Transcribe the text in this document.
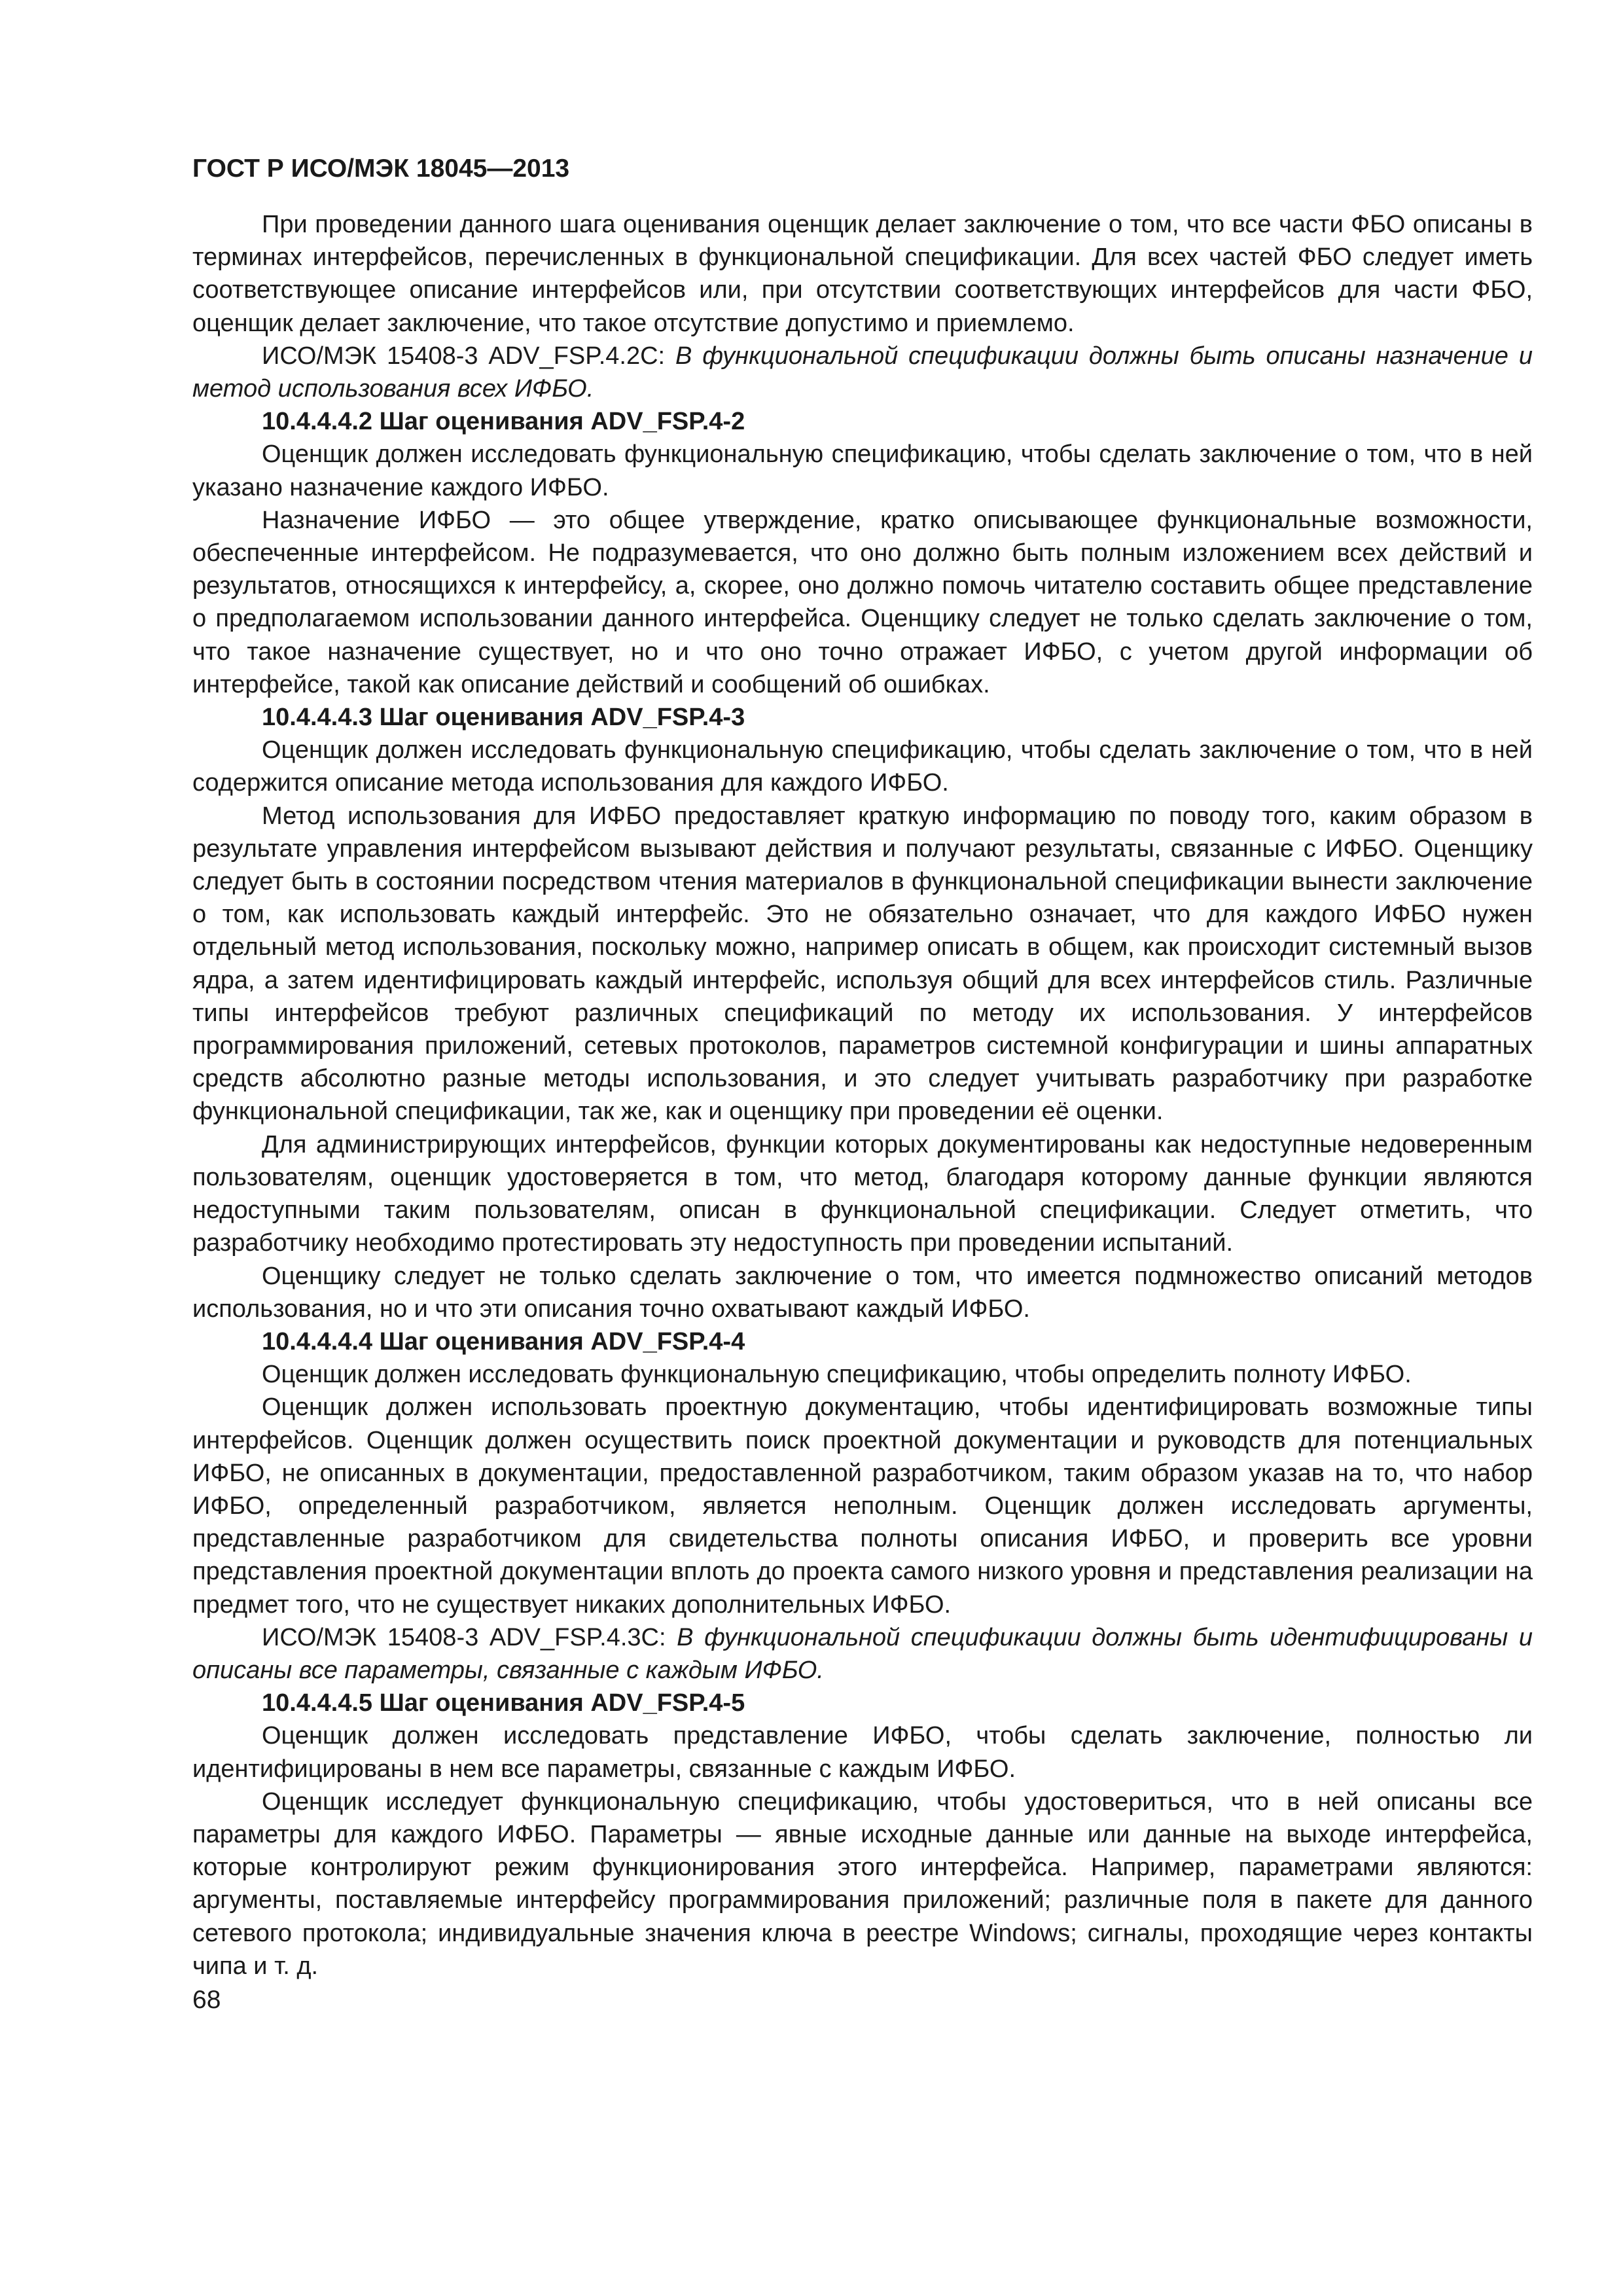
ГОСТ Р ИСО/МЭК 18045—2013

При проведении данного шага оценивания оценщик делает заключение о том, что все части ФБО описаны в терминах интерфейсов, перечисленных в функциональной спецификации. Для всех частей ФБО следует иметь соответствующее описание интерфейсов или, при отсутствии соответствующих интерфейсов для части ФБО, оценщик делает заключение, что такое отсутствие допустимо и приемлемо.

ИСО/МЭК 15408-3 ADV_FSP.4.2C: В функциональной спецификации должны быть описаны назначение и метод использования всех ИФБО.

10.4.4.4.2 Шаг оценивания ADV_FSP.4-2

Оценщик должен исследовать функциональную спецификацию, чтобы сделать заключение о том, что в ней указано назначение каждого ИФБО.

Назначение ИФБО — это общее утверждение, кратко описывающее функциональные возможности, обеспеченные интерфейсом. Не подразумевается, что оно должно быть полным изложением всех действий и результатов, относящихся к интерфейсу, а, скорее, оно должно помочь читателю составить общее представление о предполагаемом использовании данного интерфейса. Оценщику следует не только сделать заключение о том, что такое назначение существует, но и что оно точно отражает ИФБО, с учетом другой информации об интерфейсе, такой как описание действий и сообщений об ошибках.

10.4.4.4.3 Шаг оценивания ADV_FSP.4-3

Оценщик должен исследовать функциональную спецификацию, чтобы сделать заключение о том, что в ней содержится описание метода использования для каждого ИФБО.

Метод использования для ИФБО предоставляет краткую информацию по поводу того, каким образом в результате управления интерфейсом вызывают действия и получают результаты, связанные с ИФБО. Оценщику следует быть в состоянии посредством чтения материалов в функциональной спецификации вынести заключение о том, как использовать каждый интерфейс. Это не обязательно означает, что для каждого ИФБО нужен отдельный метод использования, поскольку можно, например описать в общем, как происходит системный вызов ядра, а затем идентифицировать каждый интерфейс, используя общий для всех интерфейсов стиль. Различные типы интерфейсов требуют различных спецификаций по методу их использования. У интерфейсов программирования приложений, сетевых протоколов, параметров системной конфигурации и шины аппаратных средств абсолютно разные методы использования, и это следует учитывать разработчику при разработке функциональной спецификации, так же, как и оценщику при проведении её оценки.

Для администрирующих интерфейсов, функции которых документированы как недоступные недоверенным пользователям, оценщик удостоверяется в том, что метод, благодаря которому данные функции являются недоступными таким пользователям, описан в функциональной спецификации. Следует отметить, что разработчику необходимо протестировать эту недоступность при проведении испытаний.

Оценщику следует не только сделать заключение о том, что имеется подмножество описаний методов использования, но и что эти описания точно охватывают каждый ИФБО.

10.4.4.4.4 Шаг оценивания ADV_FSP.4-4

Оценщик должен исследовать функциональную спецификацию, чтобы определить полноту ИФБО.

Оценщик должен использовать проектную документацию, чтобы идентифицировать возможные типы интерфейсов. Оценщик должен осуществить поиск проектной документации и руководств для потенциальных ИФБО, не описанных в документации, предоставленной разработчиком, таким образом указав на то, что набор ИФБО, определенный разработчиком, является неполным. Оценщик должен исследовать аргументы, представленные разработчиком для свидетельства полноты описания ИФБО, и проверить все уровни представления проектной документации вплоть до проекта самого низкого уровня и представления реализации на предмет того, что не существует никаких дополнительных ИФБО.

ИСО/МЭК 15408-3 ADV_FSP.4.3C: В функциональной спецификации должны быть идентифицированы и описаны все параметры, связанные с каждым ИФБО.

10.4.4.4.5 Шаг оценивания ADV_FSP.4-5

Оценщик должен исследовать представление ИФБО, чтобы сделать заключение, полностью ли идентифицированы в нем все параметры, связанные с каждым ИФБО.

Оценщик исследует функциональную спецификацию, чтобы удостовериться, что в ней описаны все параметры для каждого ИФБО. Параметры — явные исходные данные или данные на выходе интерфейса, которые контролируют режим функционирования этого интерфейса. Например, параметрами являются: аргументы, поставляемые интерфейсу программирования приложений; различные поля в пакете для данного сетевого протокола; индивидуальные значения ключа в реестре Windows; сигналы, проходящие через контакты чипа и т. д.

68
